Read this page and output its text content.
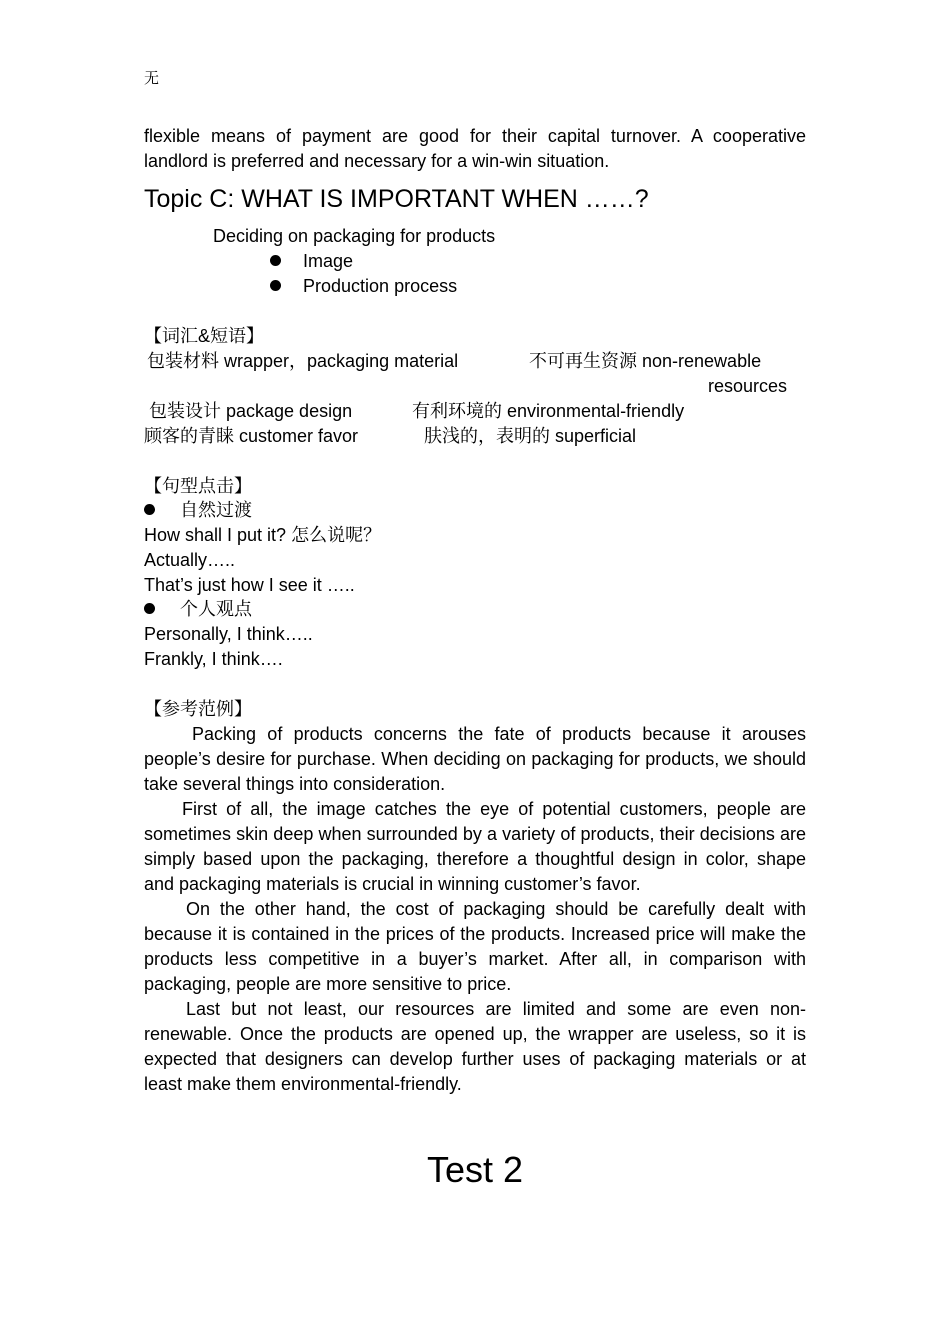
无
flexible means of payment are good for their capital turnover. A cooperative
landlord is preferred and necessary for a win-win situation.
Topic C: WHAT IS IMPORTANT WHEN ……?
Deciding on packaging for products
Image
Production process
【词汇&短语】
包装材料 wrapper，packaging material	不可再生资源 non-renewable
resources
包装设计 package design	有利环境的 environmental-friendly
顾客的青睐 customer favor	肤浅的，表明的 superficial
【句型点击】
自然过渡
How shall I put it? 怎么说呢？
Actually…..
That’s just how I see it …..
个人观点
Personally, I think…..
Frankly, I think….
【参考范例】

Packing of products concerns the fate of products because it arouses people’s desire for purchase. When deciding on packaging for products, we should take several things into consideration.

First of all, the image catches the eye of potential customers, people are sometimes skin deep when surrounded by a variety of products, their decisions are simply based upon the packaging, therefore a thoughtful design in color, shape and packaging materials is crucial in winning customer’s favor.

On the other hand, the cost of packaging should be carefully dealt with because it is contained in the prices of the products. Increased price will make the products less competitive in a buyer’s market. After all, in comparison with packaging, people are more sensitive to price.

Last but not least, our resources are limited and some are even non-renewable. Once the products are opened up, the wrapper are useless, so it is expected that designers can develop further uses of packaging materials or at least make them environmental-friendly.

Test 2
